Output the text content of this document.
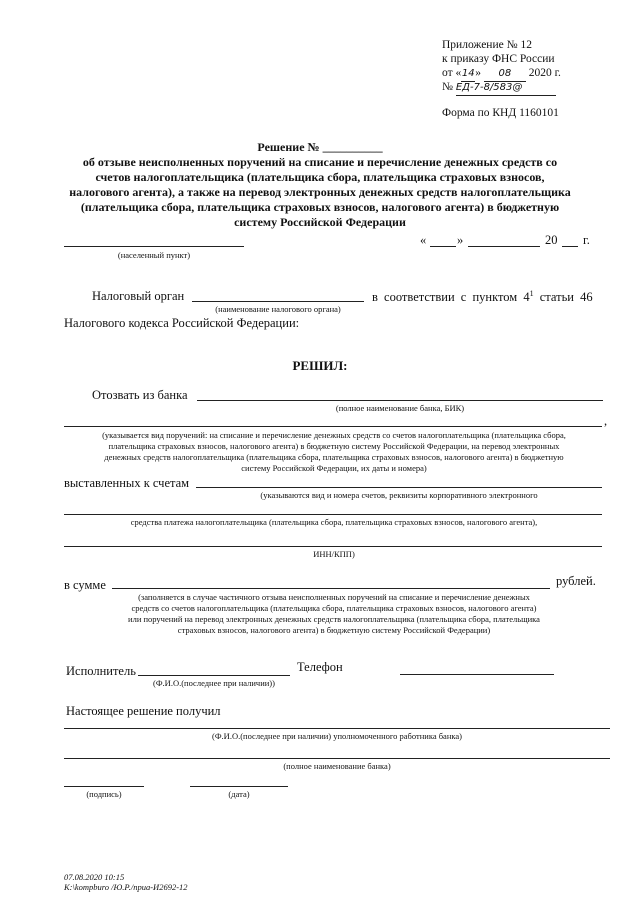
Приложение № 12
к приказу ФНС России
от «14» 08 2020 г.
№ ЕД-7-8/583@
Форма по КНД 1160101
Решение № __________
об отзыве неисполненных поручений на списание и перечисление денежных средств со
счетов налогоплательщика (плательщика сбора, плательщика страховых взносов,
налогового агента), а также на перевод электронных денежных средств налогоплательщика
(плательщика сбора, плательщика страховых взносов, налогового агента) в бюджетную
систему Российской Федерации
(населенный пункт)
« »	20 г.
Налоговый орган
(наименование налогового органа)
в соответствии с пунктом $4^1$ статьи 46
Налогового кодекса Российской Федерации:
РЕШИЛ:
Отозвать из банка
(полное наименование банка, БИК)
,
(указывается вид поручений: на списание и перечисление денежных средств со счетов налогоплательщика (плательщика сбора,
плательщика страховых взносов, налогового агента) в бюджетную систему Российской Федерации, на перевод электронных
денежных средств налогоплательщика (плательщика сбора, плательщика страховых взносов, налогового агента) в бюджетную
систему Российской Федерации, их даты и номера)
выставленных к счетам
(указываются вид и номера счетов, реквизиты корпоративного электронного
средства платежа налогоплательщика (плательщика сбора, плательщика страховых взносов, налогового агента),
ИНН/КПП)
в сумме	рублей.
(заполняется в случае частичного отзыва неисполненных поручений на списание и перечисление денежных
средств со счетов налогоплательщика (плательщика сбора, плательщика страховых взносов, налогового агента)
или поручений на перевод электронных денежных средств налогоплательщика (плательщика сбора, плательщика
страховых взносов, налогового агента) в бюджетную систему Российской Федерации)
Исполнитель
(Ф.И.О.(последнее при наличии))
Телефон
Настоящее решение получил
(Ф.И.О.(последнее при наличии) уполномоченного работника банка)
(полное наименование банка)
(подпись)	(дата)
07.08.2020 10:15
K:\kompburo /Ю.Р./приа-И2692-12
